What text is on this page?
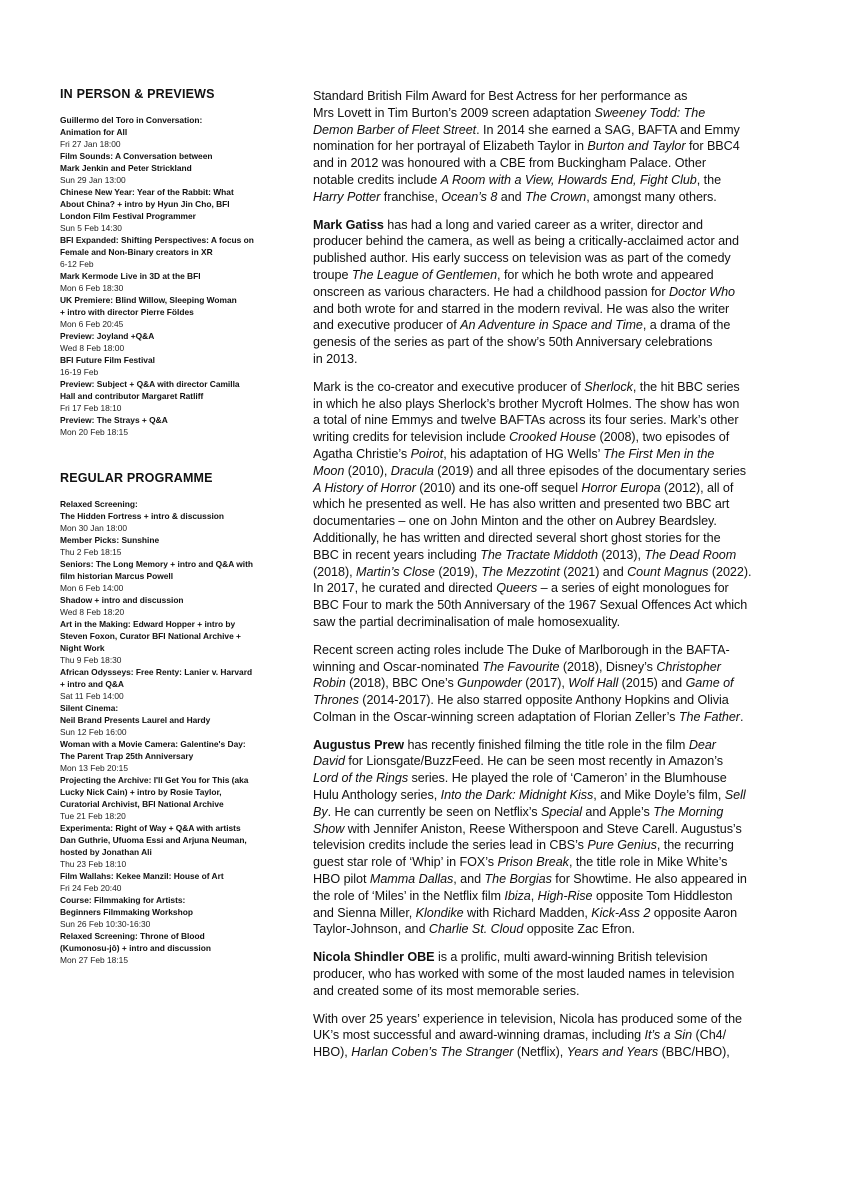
IN PERSON & PREVIEWS
Guillermo del Toro in Conversation:
Animation for All
Fri 27 Jan 18:00
Film Sounds: A Conversation between
Mark Jenkin and Peter Strickland
Sun 29 Jan 13:00
Chinese New Year: Year of the Rabbit: What
About China? + intro by Hyun Jin Cho, BFI
London Film Festival Programmer
Sun 5 Feb 14:30
BFI Expanded: Shifting Perspectives: A focus on
Female and Non-Binary creators in XR
6-12 Feb
Mark Kermode Live in 3D at the BFI
Mon 6 Feb 18:30
UK Premiere: Blind Willow, Sleeping Woman
+ intro with director Pierre Földes
Mon 6 Feb 20:45
Preview: Joyland +Q&A
Wed 8 Feb 18:00
BFI Future Film Festival
16-19 Feb
Preview: Subject + Q&A with director Camilla
Hall and contributor Margaret Ratliff
Fri 17 Feb 18:10
Preview: The Strays + Q&A
Mon 20 Feb 18:15
REGULAR PROGRAMME
Relaxed Screening:
The Hidden Fortress + intro & discussion
Mon 30 Jan 18:00
Member Picks: Sunshine
Thu 2 Feb 18:15
Seniors: The Long Memory + intro and Q&A with
film historian Marcus Powell
Mon 6 Feb 14:00
Shadow + intro and discussion
Wed 8 Feb 18:20
Art in the Making: Edward Hopper + intro by
Steven Foxon, Curator BFI National Archive +
Night Work
Thu 9 Feb 18:30
African Odysseys: Free Renty: Lanier v. Harvard
+ intro and Q&A
Sat 11 Feb 14:00
Silent Cinema:
Neil Brand Presents Laurel and Hardy
Sun 12 Feb 16:00
Woman with a Movie Camera: Galentine's Day:
The Parent Trap 25th Anniversary
Mon 13 Feb 20:15
Projecting the Archive: I'll Get You for This (aka
Lucky Nick Cain) + intro by Rosie Taylor,
Curatorial Archivist, BFI National Archive
Tue 21 Feb 18:20
Experimenta: Right of Way + Q&A with artists
Dan Guthrie, Ufuoma Essi and Arjuna Neuman,
hosted by Jonathan Ali
Thu 23 Feb 18:10
Film Wallahs: Kekee Manzil: House of Art
Fri 24 Feb 20:40
Course: Filmmaking for Artists:
Beginners Filmmaking Workshop
Sun 26 Feb 10:30-16:30
Relaxed Screening: Throne of Blood
(Kumonosu-jô) + intro and discussion
Mon 27 Feb 18:15

Standard British Film Award for Best Actress for her performance as
Mrs Lovett in Tim Burton’s 2009 screen adaptation Sweeney Todd: The
Demon Barber of Fleet Street. In 2014 she earned a SAG, BAFTA and Emmy
nomination for her portrayal of Elizabeth Taylor in Burton and Taylor for BBC4
and in 2012 was honoured with a CBE from Buckingham Palace. Other
notable credits include A Room with a View, Howards End, Fight Club, the
Harry Potter franchise, Ocean’s 8 and The Crown, amongst many others.

Mark Gatiss has had a long and varied career as a writer, director and
producer behind the camera, as well as being a critically-acclaimed actor and
published author. His early success on television was as part of the comedy
troupe The League of Gentlemen, for which he both wrote and appeared
onscreen as various characters. He had a childhood passion for Doctor Who
and both wrote for and starred in the modern revival. He was also the writer
and executive producer of An Adventure in Space and Time, a drama of the
genesis of the series as part of the show’s 50th Anniversary celebrations
in 2013.

Mark is the co-creator and executive producer of Sherlock, the hit BBC series
in which he also plays Sherlock’s brother Mycroft Holmes. The show has won
a total of nine Emmys and twelve BAFTAs across its four series. Mark’s other
writing credits for television include Crooked House (2008), two episodes of
Agatha Christie’s Poirot, his adaptation of HG Wells’ The First Men in the
Moon (2010), Dracula (2019) and all three episodes of the documentary series
A History of Horror (2010) and its one-off sequel Horror Europa (2012), all of
which he presented as well. He has also written and presented two BBC art
documentaries – one on John Minton and the other on Aubrey Beardsley.
Additionally, he has written and directed several short ghost stories for the
BBC in recent years including The Tractate Middoth (2013), The Dead Room
(2018), Martin’s Close (2019), The Mezzotint (2021) and Count Magnus (2022).
In 2017, he curated and directed Queers – a series of eight monologues for
BBC Four to mark the 50th Anniversary of the 1967 Sexual Offences Act which
saw the partial decriminalisation of male homosexuality.

Recent screen acting roles include The Duke of Marlborough in the BAFTA-
winning and Oscar-nominated The Favourite (2018), Disney’s Christopher
Robin (2018), BBC One’s Gunpowder (2017), Wolf Hall (2015) and Game of
Thrones (2014-2017). He also starred opposite Anthony Hopkins and Olivia
Colman in the Oscar-winning screen adaptation of Florian Zeller’s The Father.

Augustus Prew has recently finished filming the title role in the film Dear
David for Lionsgate/BuzzFeed. He can be seen most recently in Amazon’s
Lord of the Rings series. He played the role of ‘Cameron’ in the Blumhouse
Hulu Anthology series, Into the Dark: Midnight Kiss, and Mike Doyle’s film, Sell
By. He can currently be seen on Netflix’s Special and Apple’s The Morning
Show with Jennifer Aniston, Reese Witherspoon and Steve Carell. Augustus’s
television credits include the series lead in CBS’s Pure Genius, the recurring
guest star role of ‘Whip’ in FOX’s Prison Break, the title role in Mike White’s
HBO pilot Mamma Dallas, and The Borgias for Showtime. He also appeared in
the role of ‘Miles’ in the Netflix film Ibiza, High-Rise opposite Tom Hiddleston
and Sienna Miller, Klondike with Richard Madden, Kick-Ass 2 opposite Aaron
Taylor-Johnson, and Charlie St. Cloud opposite Zac Efron.

Nicola Shindler OBE is a prolific, multi award-winning British television
producer, who has worked with some of the most lauded names in television
and created some of its most memorable series.

With over 25 years’ experience in television, Nicola has produced some of the
UK’s most successful and award-winning dramas, including It’s a Sin (Ch4/
HBO), Harlan Coben’s The Stranger (Netflix), Years and Years (BBC/HBO),
